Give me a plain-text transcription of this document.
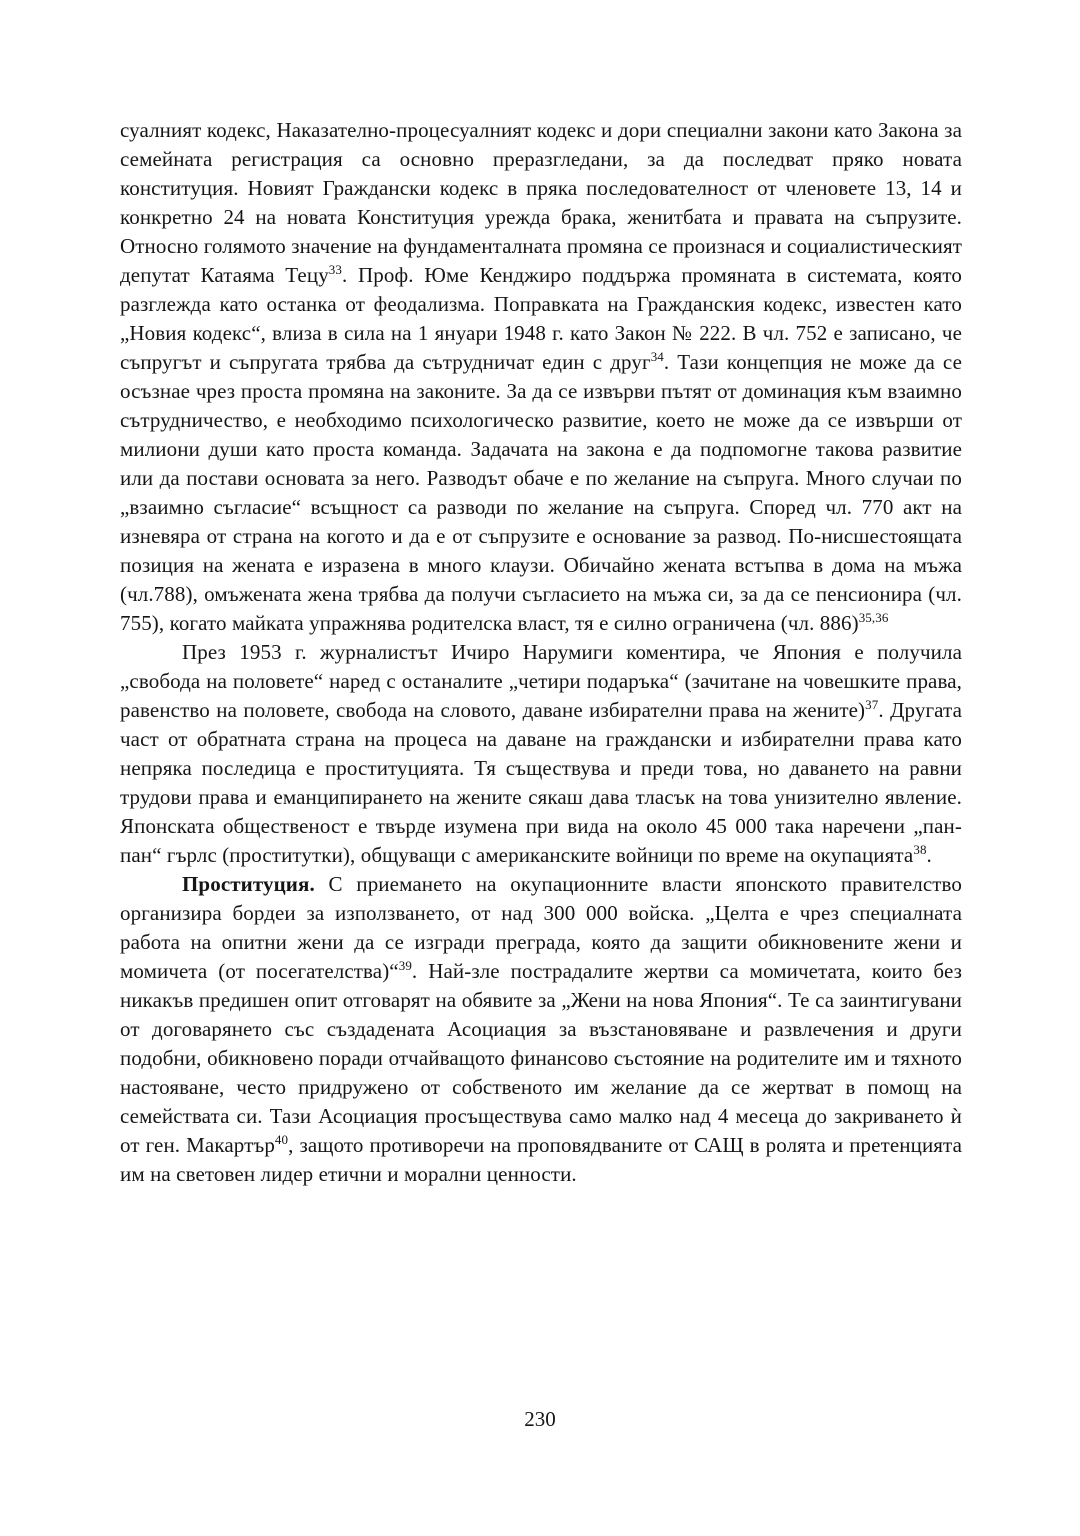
суалният кодекс, Наказателно-процесуалният кодекс и дори специални закони като Закона за семейната регистрация са основно преразгледани, за да последват пряко новата конституция. Новият Граждански кодекс в пряка последователност от членовете 13, 14 и конкретно 24 на новата Конституция урежда брака, женитбата и правата на съпрузите. Относно голямото значение на фундаменталната промяна се произнася и социалистическият депутат Катаяма Тецу$^{33}$. Проф. Юме Кенджиро поддържа промяната в системата, която разглежда като останка от феодализма. Поправката на Гражданския кодекс, известен като „Новия кодекс“, влиза в сила на 1 януари 1948 г. като Закон № 222. В чл. 752 е записано, че съпругът и съпругата трябва да сътрудничат един с друг$^{34}$. Тази концепция не може да се осъзнае чрез проста промяна на законите. За да се извърви пътят от доминация към взаимно сътрудничество, е необходимо психологическо развитие, което не може да се извърши от милиони души като проста команда. Задачата на закона е да подпомогне такова развитие или да постави основата за него. Разводът обаче е по желание на съпруга. Много случаи по „взаимно съгласие“ всъщност са разводи по желание на съпруга. Според чл. 770 акт на изневяра от страна на когото и да е от съпрузите е основание за развод. По-нисшестоящата позиция на жената е изразена в много клаузи. Обичайно жената встъпва в дома на мъжа (чл.788), омъжената жена трябва да получи съгласието на мъжа си, за да се пенсионира (чл. 755), когато майката упражнява родителска власт, тя е силно ограничена (чл. 886)$^{35,36}$

През 1953 г. журналистът Ичиро Нарумиги коментира, че Япония е получила „свобода на половете“ наред с останалите „четири подаръка“ (зачитане на човешките права, равенство на половете, свобода на словото, даване избирателни права на жените)$^{37}$. Другата част от обратната страна на процеса на даване на граждански и избирателни права като непряка последица е проституцията. Тя съществува и преди това, но даването на равни трудови права и еманципирането на жените сякаш дава тласък на това унизително явление. Японската общественост е твърде изумена при вида на около 45 000 така наречени „пан-пан“ гърлс (проститутки), общуващи с американските войници по време на окупацията$^{38}$.

Проституция. С приемането на окупационните власти японското правителство организира бордеи за използването, от над 300 000 войска. „Целта е чрез специалната работа на опитни жени да се изгради преграда, която да защити обикновените жени и момичета (от посегателства)“$^{39}$. Най-зле пострадалите жертви са момичетата, които без никакъв предишен опит отговарят на обявите за „Жени на нова Япония“. Те са заинтигувани от договарянето със създадената Асоциация за възстановяване и развлечения и други подобни, обикновено поради отчайващото финансово състояние на родителите им и тяхното настояване, често придружено от собственото им желание да се жертват в помощ на семействата си. Тази Асоциация просъществува само малко над 4 месеца до закриването ѝ от ген. Макартър$^{40}$, защото противоречи на проповядваните от САЩ в ролята и претенцията им на световен лидер етични и морални ценности.

230
